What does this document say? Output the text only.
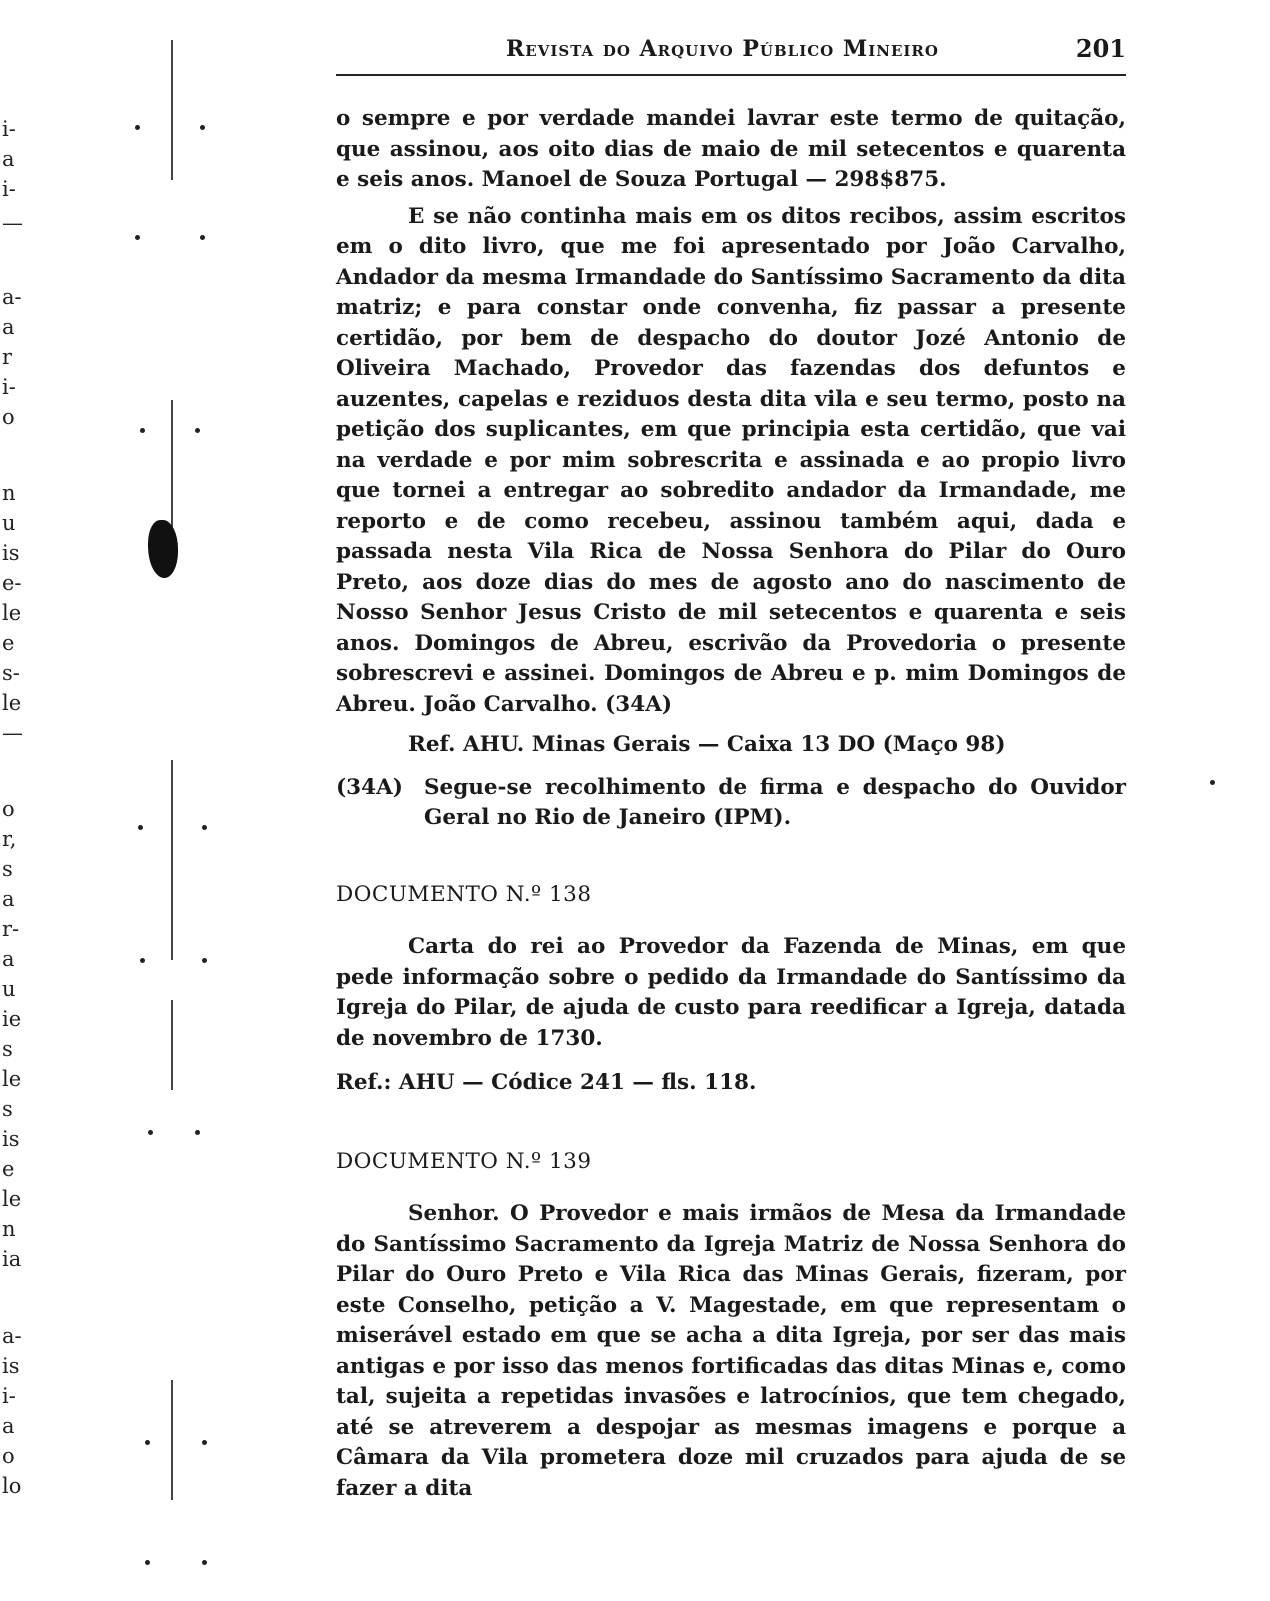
i-
a
i-
—
a-
a
r
i-
o
n
u
is
e-
le
e
s-
le
—
o
r,
s
a
r-
a
u
ie
s
le
s
is
e
le
n
ia
a-
is
i-
a
o
lo
Revista do Arquivo Público Mineiro	201

o sempre e por verdade mandei lavrar este termo de quitação, que assinou, aos oito dias de maio de mil setecentos e quarenta e seis anos. Manoel de Souza Portugal — 298$875.

E se não continha mais em os ditos recibos, assim escritos em o dito livro, que me foi apresentado por João Carvalho, Andador da mesma Irmandade do Santíssimo Sacramento da dita matriz; e para constar onde convenha, fiz passar a presente certidão, por bem de despacho do doutor Jozé Antonio de Oliveira Machado, Provedor das fazendas dos defuntos e auzentes, capelas e reziduos desta dita vila e seu termo, posto na petição dos suplicantes, em que principia esta certidão, que vai na verdade e por mim sobrescrita e assinada e ao propio livro que tornei a entregar ao sobredito andador da Irmandade, me reporto e de como recebeu, assinou também aqui, dada e passada nesta Vila Rica de Nossa Senhora do Pilar do Ouro Preto, aos doze dias do mes de agosto ano do nascimento de Nosso Senhor Jesus Cristo de mil setecentos e quarenta e seis anos. Domingos de Abreu, escrivão da Provedoria o presente sobrescrevi e assinei. Domingos de Abreu e p. mim Domingos de Abreu. João Carvalho. (34A)

Ref. AHU. Minas Gerais — Caixa 13 DO (Maço 98)
(34A) Segue-se recolhimento de firma e despacho do Ouvidor Geral no Rio de Janeiro (IPM).
DOCUMENTO N.º 138

Carta do rei ao Provedor da Fazenda de Minas, em que pede informação sobre o pedido da Irmandade do Santíssimo da Igreja do Pilar, de ajuda de custo para reedificar a Igreja, datada de novembro de 1730.

Ref.: AHU — Códice 241 — fls. 118.
DOCUMENTO N.º 139

Senhor. O Provedor e mais irmãos de Mesa da Irmandade do Santíssimo Sacramento da Igreja Matriz de Nossa Senhora do Pilar do Ouro Preto e Vila Rica das Minas Gerais, fizeram, por este Conselho, petição a V. Magestade, em que representam o miserável estado em que se acha a dita Igreja, por ser das mais antigas e por isso das menos fortificadas das ditas Minas e, como tal, sujeita a repetidas invasões e latrocínios, que tem chegado, até se atreverem a despojar as mesmas imagens e porque a Câmara da Vila prometera doze mil cruzados para ajuda de se fazer a dita
